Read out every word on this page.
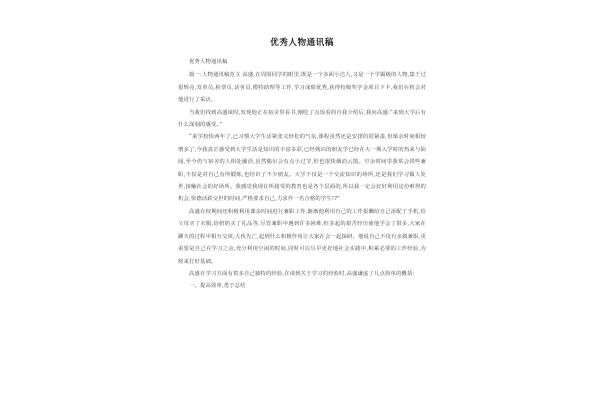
优秀人物通讯稿

优秀人物通讯稿

篇一:人物通讯稿范文 高盛,在周围同学的眼里,既是一个多面小达人,又是一个学霸级的人物,集于过很辉亮,发单员,检票员,话务员,模特助理等工作,学习成绩优秀,获得校级奖学金项目下卡,我们在机会对他进行了采访。

当我们找到高盛谈时,发现他正在宿舍里看书,刚吃了点饭看的自我介绍后,我问高盛:“来到大学后有什么深刻的感受。”

“来学校快两年了,已习惯大学生活紧张又轻松的气氛,课程虽然还是安排的很紧凑,但课余时间相较增多了,今我真正感受到大学生活是知识的丰富多彩,已经熟识的朋友学已经在大一期入学时的热来与陌闻,至今仍与宿舍的人相处融洽,虽然偶尔会有点小过节,但也很快烟消云散。空余时间里我常会找些兼职,不仅是对自己有所锻炼,也结识了不少朋友。大学不仅是一个交流知识的场所,还是我们学习做人处世,接触社会的好场所。我感觉我现在所接受的教育也是各个层面的,所以我一定会好好利用这份难得的机会,快德活跃交世的时间,严格要求自己,力求作一名合格的学生!?”

高盛在校期间还积极利用课余时间进行兼职工作,渐渐他利用自己的工作报酬给自己添配了手机,给父母买了衣服,给奶奶买了礼品等,尽管兼职中遇到许多困难,但多起的艰苦经历使他学会了很多,大家在聊天的过程中相互交谈,大伙先亡,起到什么积极作用让大家在会一起探研。他说自己不仅有多做兼职,更重要是自己在学习之余,充分利用空闲的时间,同时可以尽早更好地社会实践中,积累必要的工作经验,为将来打好基础。

高盛在学习方面有着多自己独特的经验,在谈到关于学习的经验时,高盛谦虚了几点简单的概括:

一、提高效率,勇于总结
